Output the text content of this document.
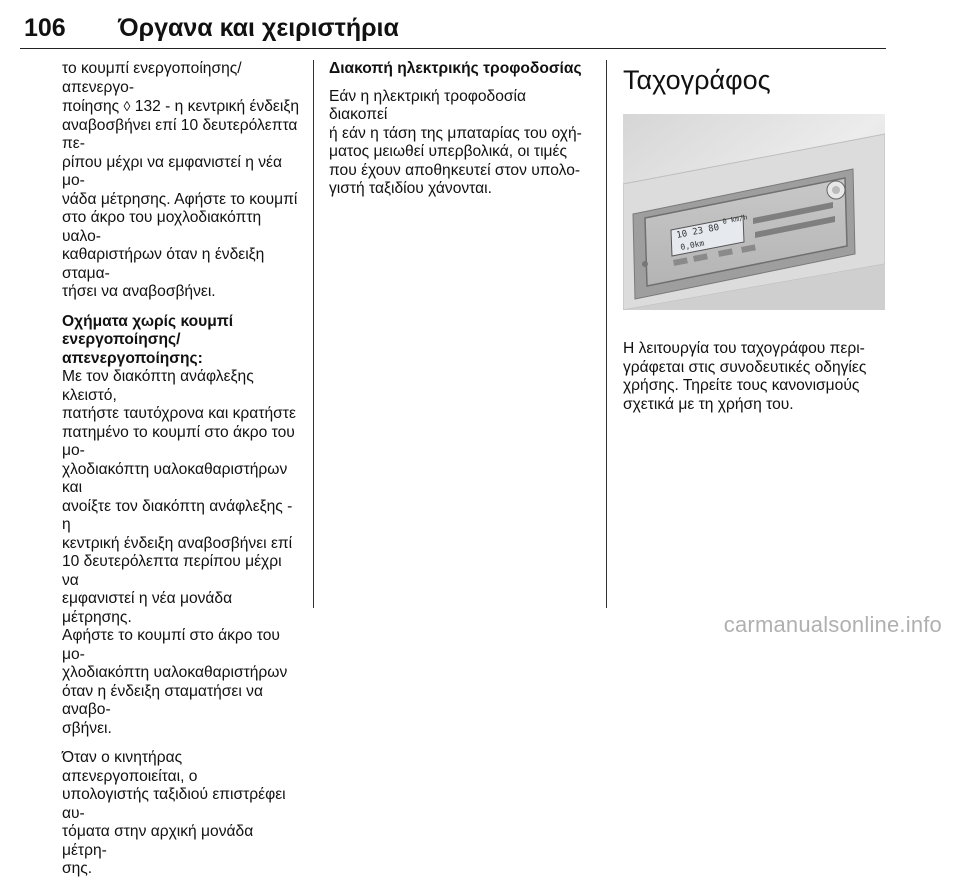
106 Όργανα και χειριστήρια

το κουμπί ενεργοποίησης/απενεργο-
ποίησης ◊ 132 - η κεντρική ένδειξη
αναβοσβήνει επί 10 δευτερόλεπτα πε-
ρίπου μέχρι να εμφανιστεί η νέα μο-
νάδα μέτρησης. Αφήστε το κουμπί
στο άκρο του μοχλοδιακόπτη υαλο-
καθαριστήρων όταν η ένδειξη σταμα-
τήσει να αναβοσβήνει.

Οχήματα χωρίς κουμπί
ενεργοποίησης/απενεργοποίησης:

Με τον διακόπτη ανάφλεξης κλειστό,
πατήστε ταυτόχρονα και κρατήστε
πατημένο το κουμπί στο άκρο του μο-
χλοδιακόπτη υαλοκαθαριστήρων και
ανοίξτε τον διακόπτη ανάφλεξης - η
κεντρική ένδειξη αναβοσβήνει επί
10 δευτερόλεπτα περίπου μέχρι να
εμφανιστεί η νέα μονάδα μέτρησης.
Αφήστε το κουμπί στο άκρο του μο-
χλοδιακόπτη υαλοκαθαριστήρων
όταν η ένδειξη σταματήσει να αναβο-
σβήνει.

Όταν ο κινητήρας απενεργοποιείται, ο
υπολογιστής ταξιδιού επιστρέφει αυ-
τόματα στην αρχική μονάδα μέτρη-
σης.

Διακοπή ηλεκτρικής τροφοδοσίας

Εάν η ηλεκτρική τροφοδοσία διακοπεί
ή εάν η τάση της μπαταρίας του οχή-
ματος μειωθεί υπερβολικά, οι τιμές
που έχουν αποθηκευτεί στον υπολο-
γιστή ταξιδίου χάνονται.

Ταχογράφος
10 23 80
0,0km
0 km/h

Η λειτουργία του ταχογράφου περι-
γράφεται στις συνοδευτικές οδηγίες
χρήσης. Τηρείτε τους κανονισμούς
σχετικά με τη χρήση του.

carmanualsonline.info
